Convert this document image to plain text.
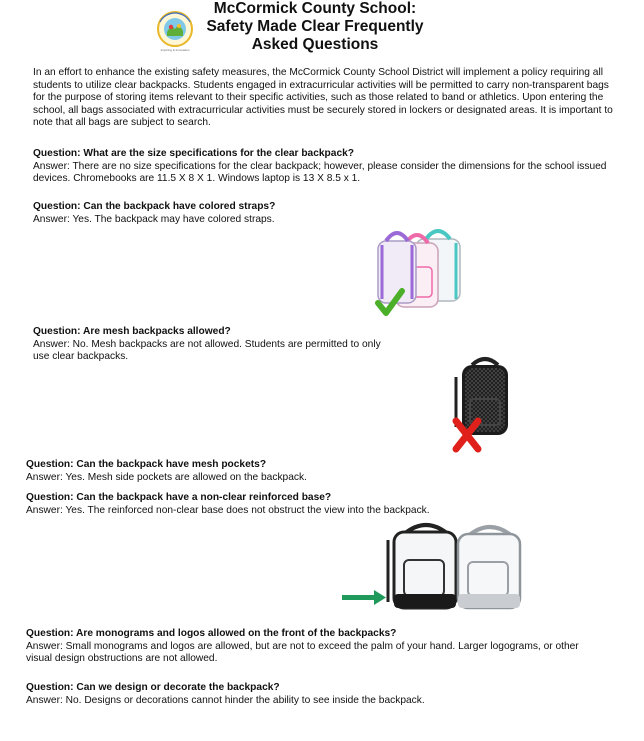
McCormick County School:
Safety Made Clear Frequently
Asked Questions
Inspiring & Innovation
In an effort to enhance the existing safety measures, the McCormick County School District will implement a policy requiring all students to utilize clear backpacks. Students engaged in extracurricular activities will be permitted to carry non-transparent bags for the purpose of storing items relevant to their specific activities, such as those related to band or athletics. Upon entering the school, all bags associated with extracurricular activities must be securely stored in lockers or designated areas. It is important to note that all bags are subject to search.
Question: What are the size specifications for the clear backpack?
Answer: There are no size specifications for the clear backpack; however, please consider the dimensions for the school issued devices. Chromebooks are 11.5 X 8 X 1. Windows laptop is 13 X 8.5 x 1.
Question: Can the backpack have colored straps?
Answer: Yes. The backpack may have colored straps.
Question: Are mesh backpacks allowed?
Answer: No. Mesh backpacks are not allowed. Students are permitted to only use clear backpacks.
Question: Can the backpack have mesh pockets?
Answer: Yes. Mesh side pockets are allowed on the backpack.
Question: Can the backpack have a non-clear reinforced base?
Answer: Yes. The reinforced non-clear base does not obstruct the view into the backpack.
Question: Are monograms and logos allowed on the front of the backpacks?
Answer: Small monograms and logos are allowed, but are not to exceed the palm of your hand. Larger logograms, or other visual design obstructions are not allowed.
Question: Can we design or decorate the backpack?
Answer: No. Designs or decorations cannot hinder the ability to see inside the backpack.
